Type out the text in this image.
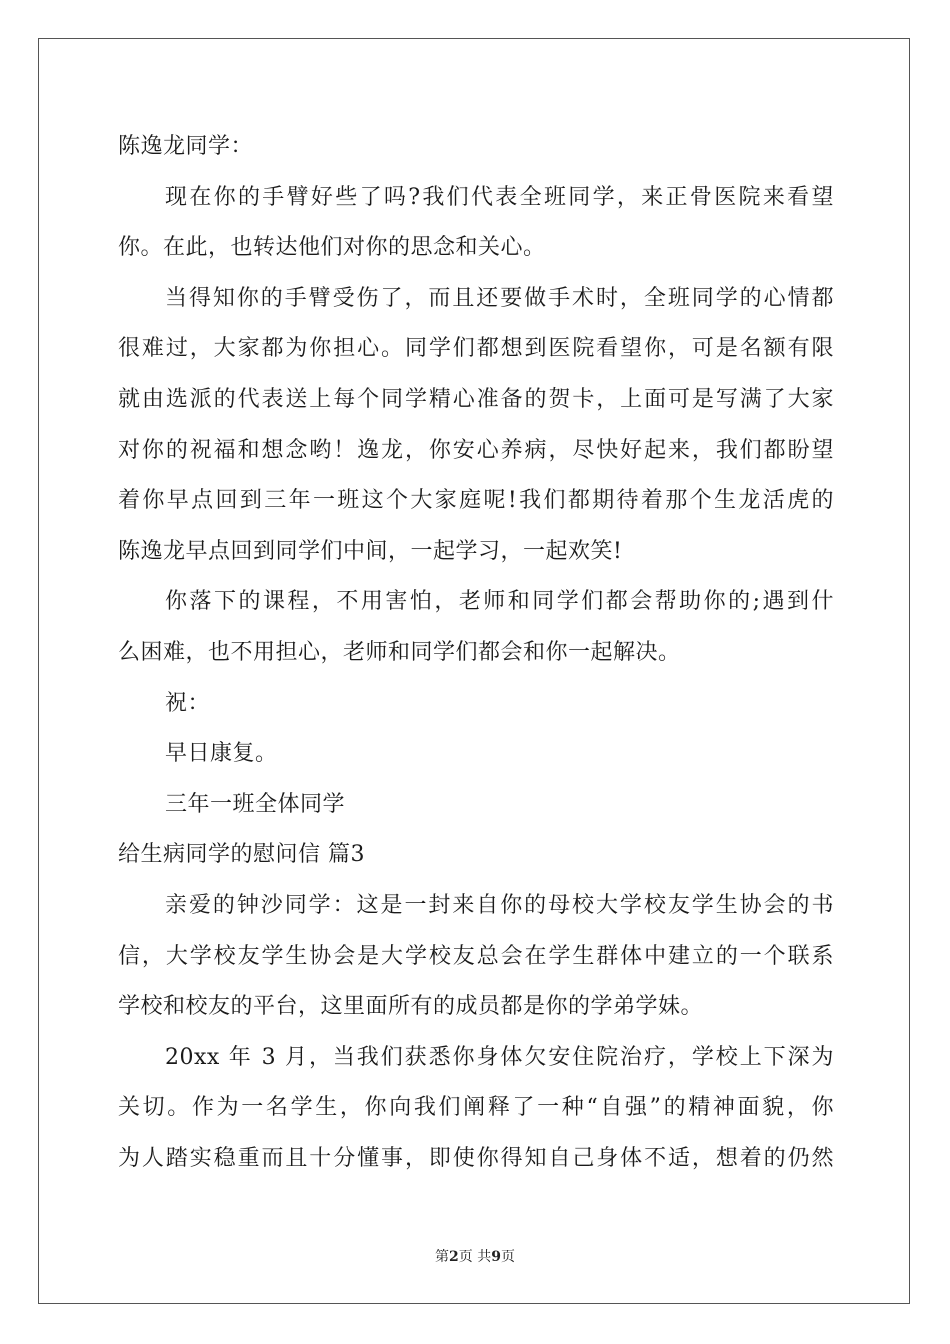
陈逸龙同学：
现在你的手臂好些了吗?我们代表全班同学，来正骨医院来看望
你。在此，也转达他们对你的思念和关心。
当得知你的手臂受伤了，而且还要做手术时，全班同学的心情都
很难过，大家都为你担心。同学们都想到医院看望你，可是名额有限
就由选派的代表送上每个同学精心准备的贺卡，上面可是写满了大家
对你的祝福和想念哟！逸龙，你安心养病，尽快好起来，我们都盼望
着你早点回到三年一班这个大家庭呢!我们都期待着那个生龙活虎的
陈逸龙早点回到同学们中间，一起学习，一起欢笑!
你落下的课程，不用害怕，老师和同学们都会帮助你的;遇到什
么困难，也不用担心，老师和同学们都会和你一起解决。
祝：
早日康复。
三年一班全体同学
给生病同学的慰问信 篇3
亲爱的钟沙同学：这是一封来自你的母校大学校友学生协会的书
信，大学校友学生协会是大学校友总会在学生群体中建立的一个联系
学校和校友的平台，这里面所有的成员都是你的学弟学妹。
20xx 年 3 月，当我们获悉你身体欠安住院治疗，学校上下深为
关切。作为一名学生，你向我们阐释了一种“自强”的精神面貌，你
为人踏实稳重而且十分懂事，即使你得知自己身体不适，想着的仍然
第2页 共9页
